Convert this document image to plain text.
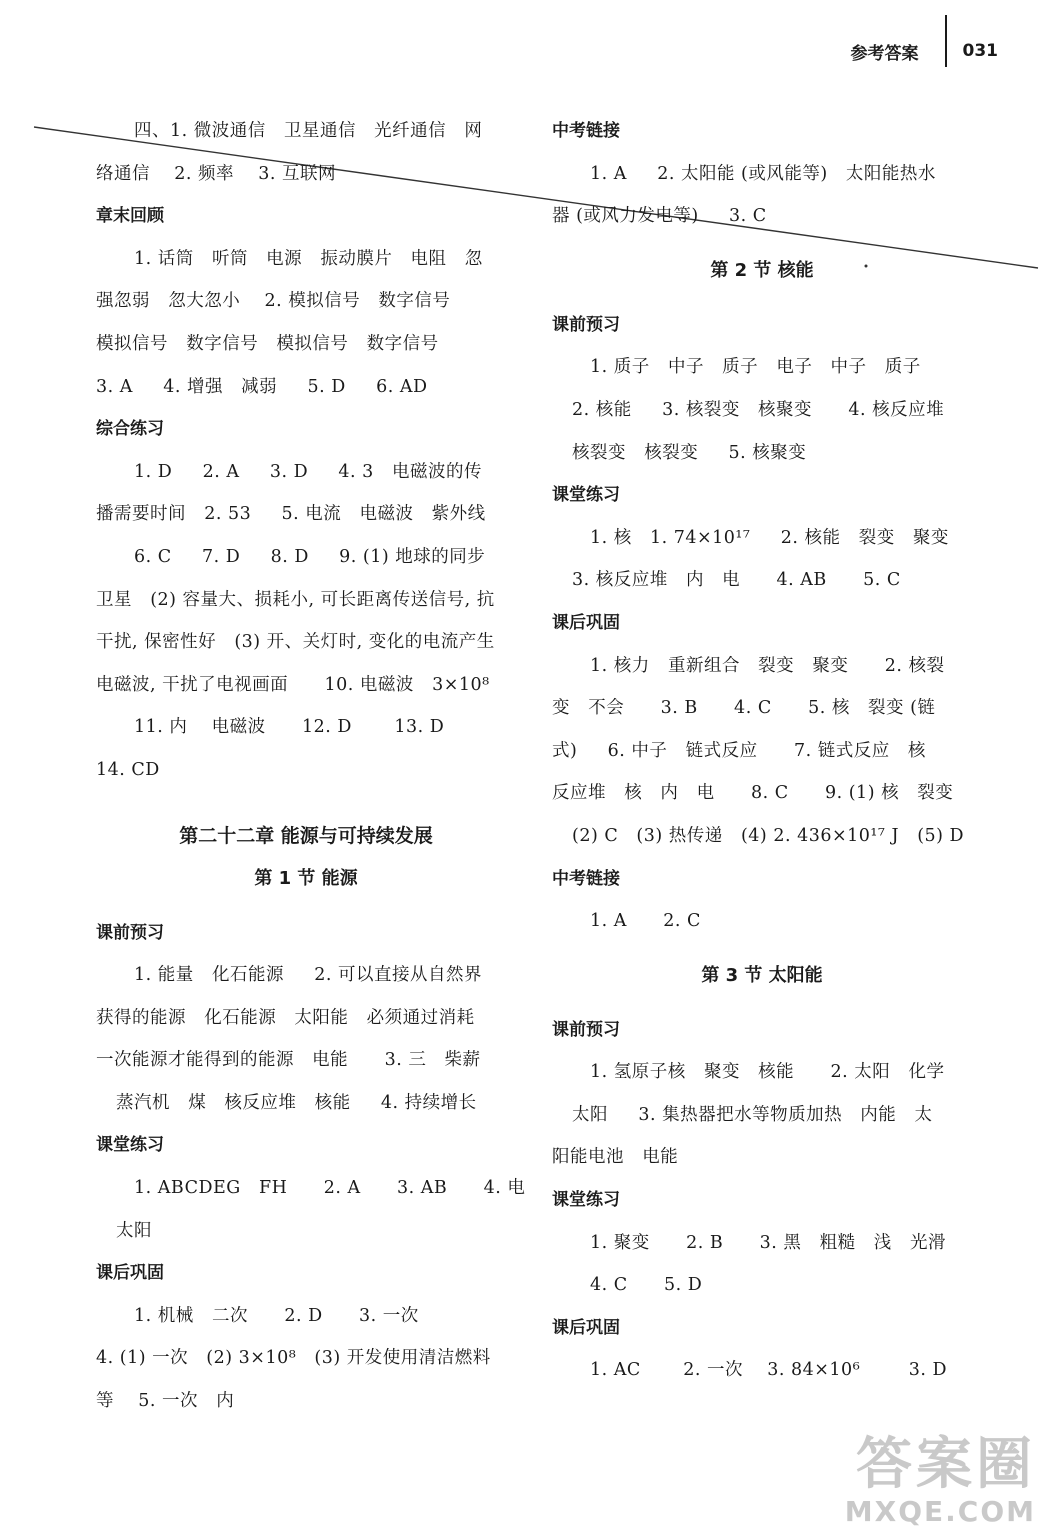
参考答案	031
四、1. 微波通信   卫星通信   光纤通信   网
络通信    2. 频率    3. 互联网
章末回顾
1. 话筒   听筒   电源   振动膜片   电阻   忽
强忽弱   忽大忽小    2. 模拟信号   数字信号
模拟信号   数字信号   模拟信号   数字信号
3. A     4. 增强   减弱     5. D     6. AD
综合练习
1. D     2. A     3. D     4. 3   电磁波的传
播需要时间   2. 53     5. 电流   电磁波   紫外线
6. C     7. D     8. D     9. (1) 地球的同步
卫星   (2) 容量大、损耗小, 可长距离传送信号, 抗
干扰, 保密性好   (3) 开、关灯时, 变化的电流产生
电磁波, 干扰了电视画面      10. 电磁波   3×10⁸
11. 内    电磁波      12. D       13. D
14. CD
第二十二章 能源与可持续发展
第 1 节 能源
课前预习
1. 能量   化石能源     2. 可以直接从自然界
获得的能源   化石能源   太阳能   必须通过消耗
一次能源才能得到的能源   电能      3. 三   柴薪
蒸汽机   煤   核反应堆   核能     4. 持续增长
课堂练习
1. ABCDEG   FH      2. A      3. AB      4. 电
太阳
课后巩固
1. 机械   二次      2. D      3. 一次
4. (1) 一次   (2) 3×10⁸   (3) 开发使用清洁燃料
等    5. 一次   内
中考链接
1. A     2. 太阳能 (或风能等)   太阳能热水
器 (或风力发电等)     3. C
第 2 节 核能
课前预习
1. 质子   中子   质子   电子   中子   质子
2. 核能     3. 核裂变   核聚变      4. 核反应堆
核裂变   核裂变     5. 核聚变
课堂练习
1. 核   1. 74×10¹⁷     2. 核能   裂变   聚变
3. 核反应堆   内   电      4. AB      5. C
课后巩固
1. 核力   重新组合   裂变   聚变      2. 核裂
变   不会      3. B      4. C      5. 核   裂变 (链
式)     6. 中子   链式反应      7. 链式反应   核
反应堆   核   内   电      8. C      9. (1) 核   裂变
(2) C   (3) 热传递   (4) 2. 436×10¹⁷ J   (5) D
中考链接
1. A      2. C
第 3 节 太阳能
课前预习
1. 氢原子核   聚变   核能      2. 太阳   化学
太阳     3. 集热器把水等物质加热   内能   太
阳能电池   电能
课堂练习
1. 聚变      2. B      3. 黑   粗糙   浅   光滑
4. C      5. D
课后巩固
1. AC       2. 一次    3. 84×10⁶        3. D
答案圈
MXQE.COM
